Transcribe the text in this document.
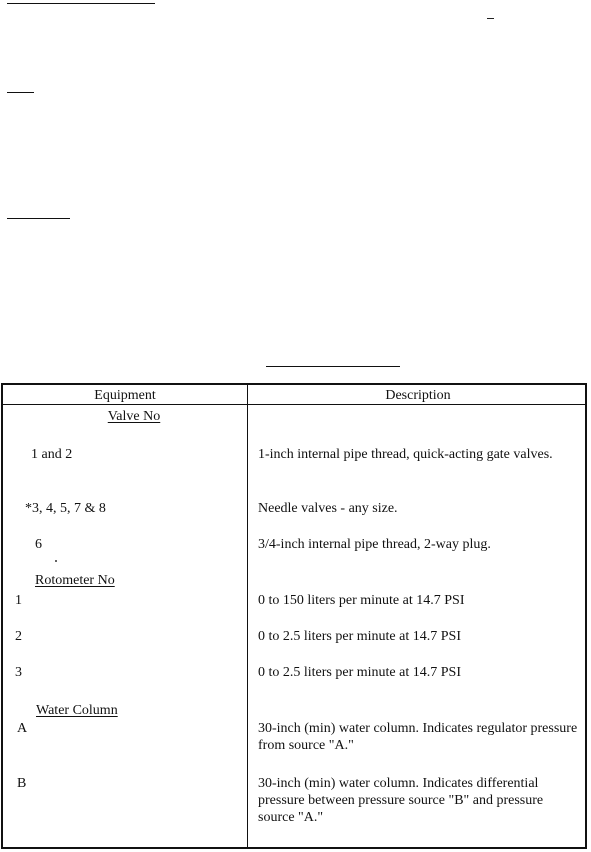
Equipment	Description
Valve No
1 and 2	1-inch internal pipe thread, quick-acting gate valves.
*3, 4, 5, 7 & 8	Needle valves - any size.
6	3/4-inch internal pipe thread, 2-way plug.
Rotometer No
1	0 to 150 liters per minute at 14.7 PSI
2	0 to 2.5 liters per minute at 14.7 PSI
3	0 to 2.5 liters per minute at 14.7 PSI
Water Column
A	30-inch (min) water column. Indicates regulator pressure from source "A."
B	30-inch (min) water column. Indicates differential pressure between pressure source "B" and pressure source "A."
